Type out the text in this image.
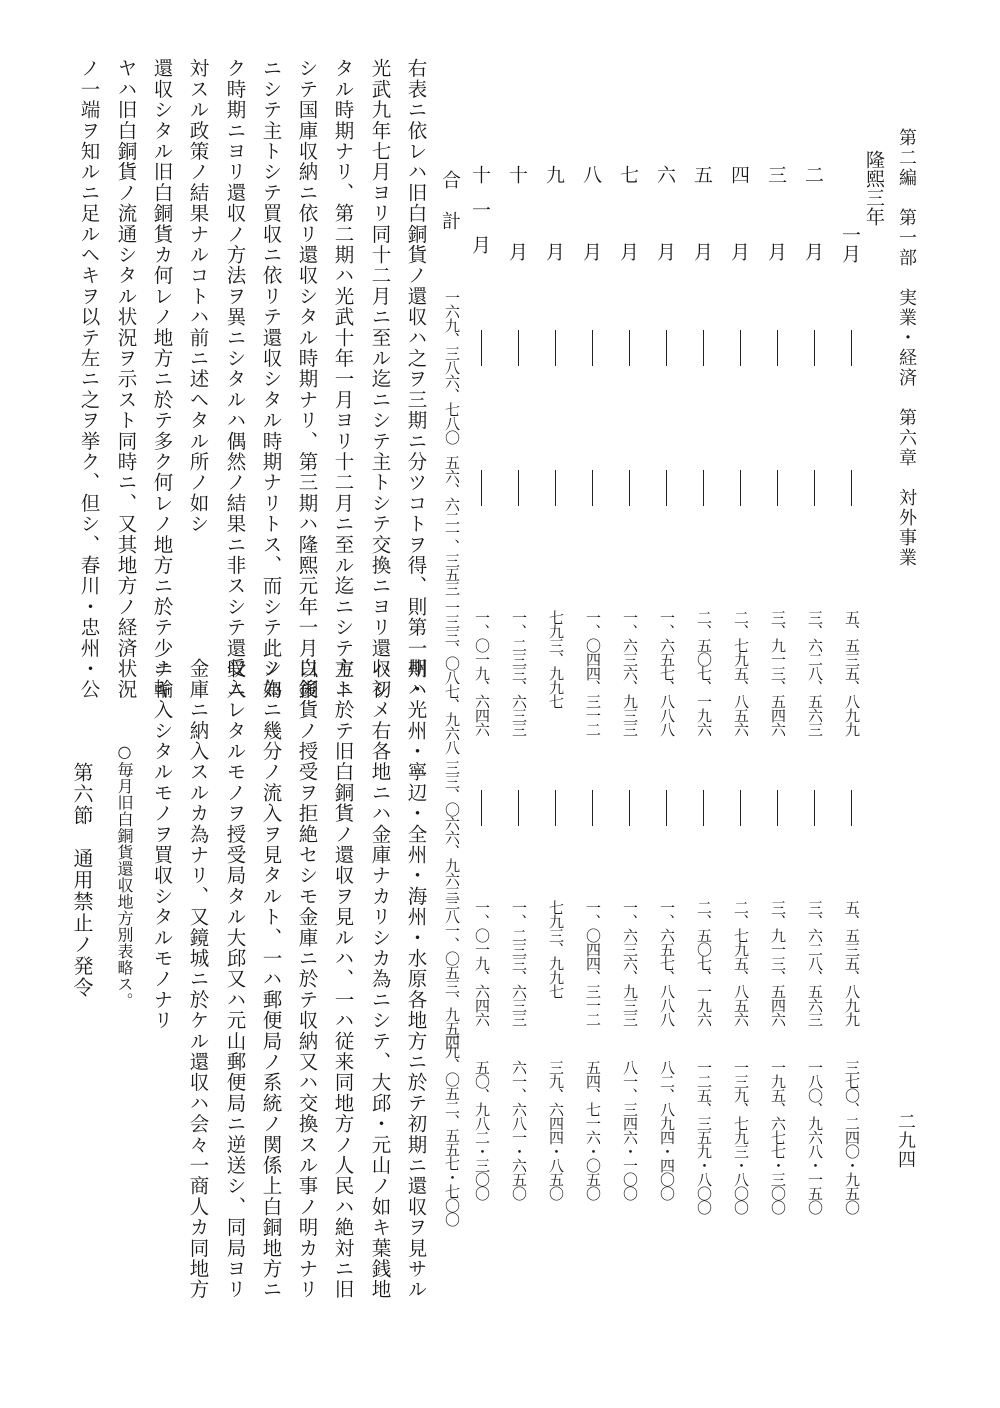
第二編　第一部　実業・経済　第六章　対外事業
二九四
隆熙三年
一月
五、五三五、八九九
五、五三五、八九九
三七〇、二四〇・九五〇
二月
三、六二八、五六三
三、六二八、五六三
一八〇、九六八・一五〇
三月
三、九一三、五四六
三、九一三、五四六
一九五、六七七・三〇〇
四月
二、七九五、八五六
二、七九五、八五六
一三九、七九三・八〇〇
五月
二、五〇七、一九六
二、五〇七、一九六
一二五、三五九・八〇〇
六月
一、六五七、八八八
一、六五七、八八八
八二、八九四・四〇〇
七月
一、六三六、九三三
一、六三六、九三三
八一、三四六・一〇〇
八月
一、〇四四、三一二
一、〇四四、三一二
五四、七一六・〇五〇
九月
七九三、九九七
七九三、九九七
三九、六四四・八五〇
十月
一、二三三、六三三
一、二三三、六三三
六一、六八一・六五〇
十一月
一、〇一九、六四六
一、〇一九、六四六
五〇、九八二・三〇〇
合計
一六九、三八六、七八〇
五六、六二一、三五三
一三三、〇八七、九六八
三三、〇六六、九六三
三八一、〇五三、九五四
一九、〇五二、五五七・七〇〇
右表ニ依レハ旧白銅貨ノ還収ハ之ヲ三期ニ分ツコトヲ得、則第一期ハ
光武九年七月ヨリ同十二月ニ至ル迄ニシテ主トシテ交換ニヨリ還収シ
タル時期ナリ、第二期ハ光武十年一月ヨリ十二月ニ至ル迄ニシテ主ト
シテ国庫収納ニ依リ還収シタル時期ナリ、第三期ハ隆熙元年一月以後
ニシテ主トシテ買収ニ依リテ還収シタル時期ナリトス、而シテ此ノ如
ク時期ニヨリ還収ノ方法ヲ異ニシタルハ偶然ノ結果ニ非スシテ還収ニ
対スル政策ノ結果ナルコトハ前ニ述ヘタル所ノ如シ
還収シタル旧白銅貨カ何レノ地方ニ於テ多ク何レノ地方ニ於テ少ナキ
ヤハ旧白銅貨ノ流通シタル状況ヲ示スト同時ニ、又其地方ノ経済状況
ノ一端ヲ知ルニ足ルヘキヲ以テ左ニ之ヲ挙ク、但シ、春川・忠州・公
州・光州・寧辺・全州・海州・水原各地方ニ於テ初期ニ還収ヲ見サル
ハ初メ右各地ニハ金庫ナカリシカ為ニシテ、大邱・元山ノ如キ葉銭地
方ニ於テ旧白銅貨ノ還収ヲ見ルハ、一ハ従来同地方ノ人民ハ絶対ニ旧
白銅貨ノ授受ヲ拒絶セシモ金庫ニ於テ収納又ハ交換スル事ノ明カナリ
シ為ニ幾分ノ流入ヲ見タルト、一ハ郵便局ノ系統ノ関係上白銅地方ニ
受入レタルモノヲ授受局タル大邱又ハ元山郵便局ニ逆送シ、同局ヨリ
金庫ニ納入スルカ為ナリ、又鏡城ニ於ケル還収ハ会々一商人カ同地方
ニ輸入シタルモノヲ買収シタルモノナリ
○毎月旧白銅貨還収地方別表略ス。
第六節　通用禁止ノ発令
